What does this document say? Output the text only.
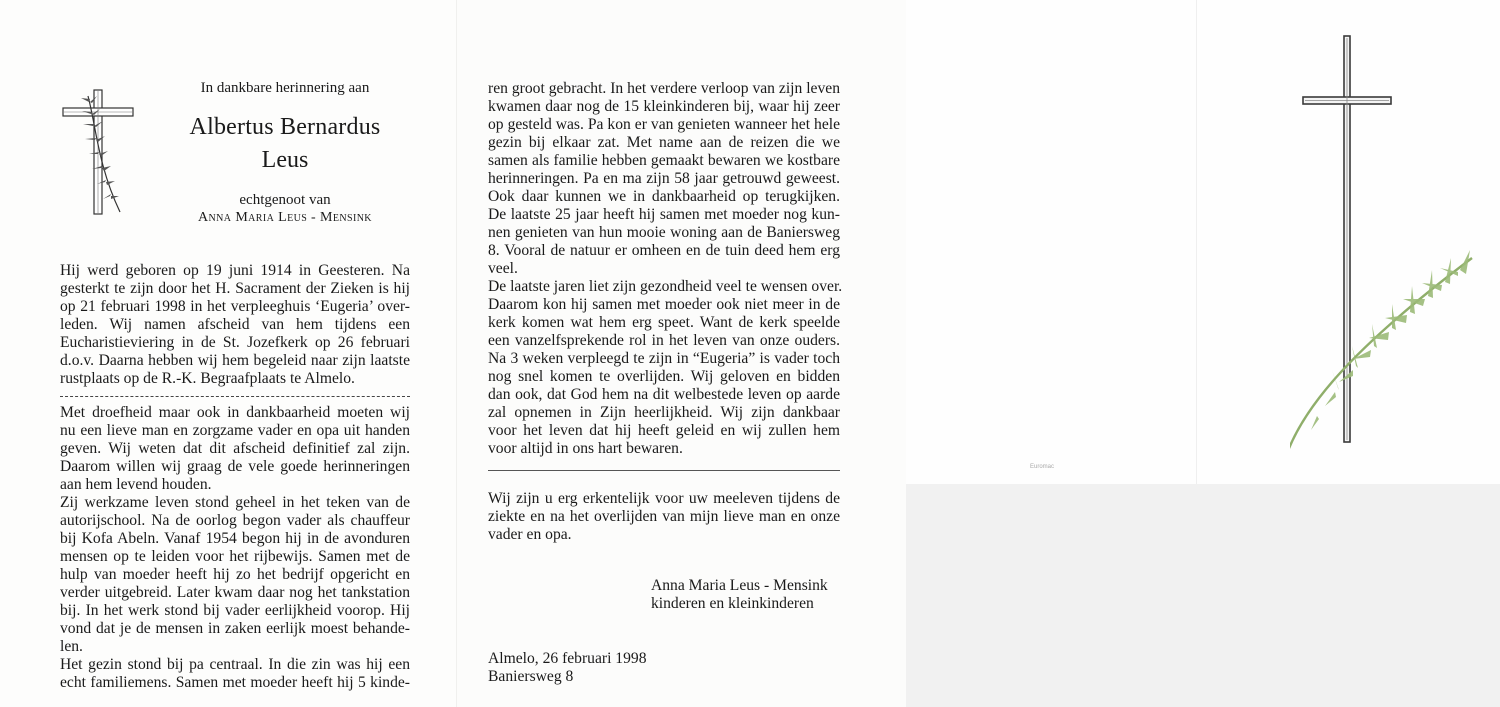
In dankbare herinnering aan
Albertus Bernardus
Leus
echtgenoot van
Anna Maria Leus - Mensink
Hij werd geboren op 19 juni 1914 in Geesteren. Na
gesterkt te zijn door het H. Sacrament der Zieken is hij
op 21 februari 1998 in het verpleeghuis ‘Eugeria’ over-
leden. Wij namen afscheid van hem tijdens een
Eucharistieviering in de St. Jozefkerk op 26 februari
d.o.v. Daarna hebben wij hem begeleid naar zijn laatste
rustplaats op de R.-K. Begraafplaats te Almelo.
Met droefheid maar ook in dankbaarheid moeten wij
nu een lieve man en zorgzame vader en opa uit handen
geven. Wij weten dat dit afscheid definitief zal zijn.
Daarom willen wij graag de vele goede herinneringen
aan hem levend houden.
Zij werkzame leven stond geheel in het teken van de
autorijschool. Na de oorlog begon vader als chauffeur
bij Kofa Abeln. Vanaf 1954 begon hij in de avonduren
mensen op te leiden voor het rijbewijs. Samen met de
hulp van moeder heeft hij zo het bedrijf opgericht en
verder uitgebreid. Later kwam daar nog het tankstation
bij. In het werk stond bij vader eerlijkheid voorop. Hij
vond dat je de mensen in zaken eerlijk moest behande-
len.
Het gezin stond bij pa centraal. In die zin was hij een
echt familiemens. Samen met moeder heeft hij 5 kinde-
ren groot gebracht. In het verdere verloop van zijn leven
kwamen daar nog de 15 kleinkinderen bij, waar hij zeer
op gesteld was. Pa kon er van genieten wanneer het hele
gezin bij elkaar zat. Met name aan de reizen die we
samen als familie hebben gemaakt bewaren we kostbare
herinneringen. Pa en ma zijn 58 jaar getrouwd geweest.
Ook daar kunnen we in dankbaarheid op terugkijken.
De laatste 25 jaar heeft hij samen met moeder nog kun-
nen genieten van hun mooie woning aan de Baniersweg
8. Vooral de natuur er omheen en de tuin deed hem erg
veel.
De laatste jaren liet zijn gezondheid veel te wensen over.
Daarom kon hij samen met moeder ook niet meer in de
kerk komen wat hem erg speet. Want de kerk speelde
een vanzelfsprekende rol in het leven van onze ouders.
Na 3 weken verpleegd te zijn in “Eugeria” is vader toch
nog snel komen te overlijden. Wij geloven en bidden
dan ook, dat God hem na dit welbestede leven op aarde
zal opnemen in Zijn heerlijkheid. Wij zijn dankbaar
voor het leven dat hij heeft geleid en wij zullen hem
voor altijd in ons hart bewaren.
Wij zijn u erg erkentelijk voor uw meeleven tijdens de
ziekte en na het overlijden van mijn lieve man en onze
vader en opa.
Anna Maria Leus - Mensink
kinderen en kleinkinderen
Almelo, 26 februari 1998
Baniersweg 8
Euromac
